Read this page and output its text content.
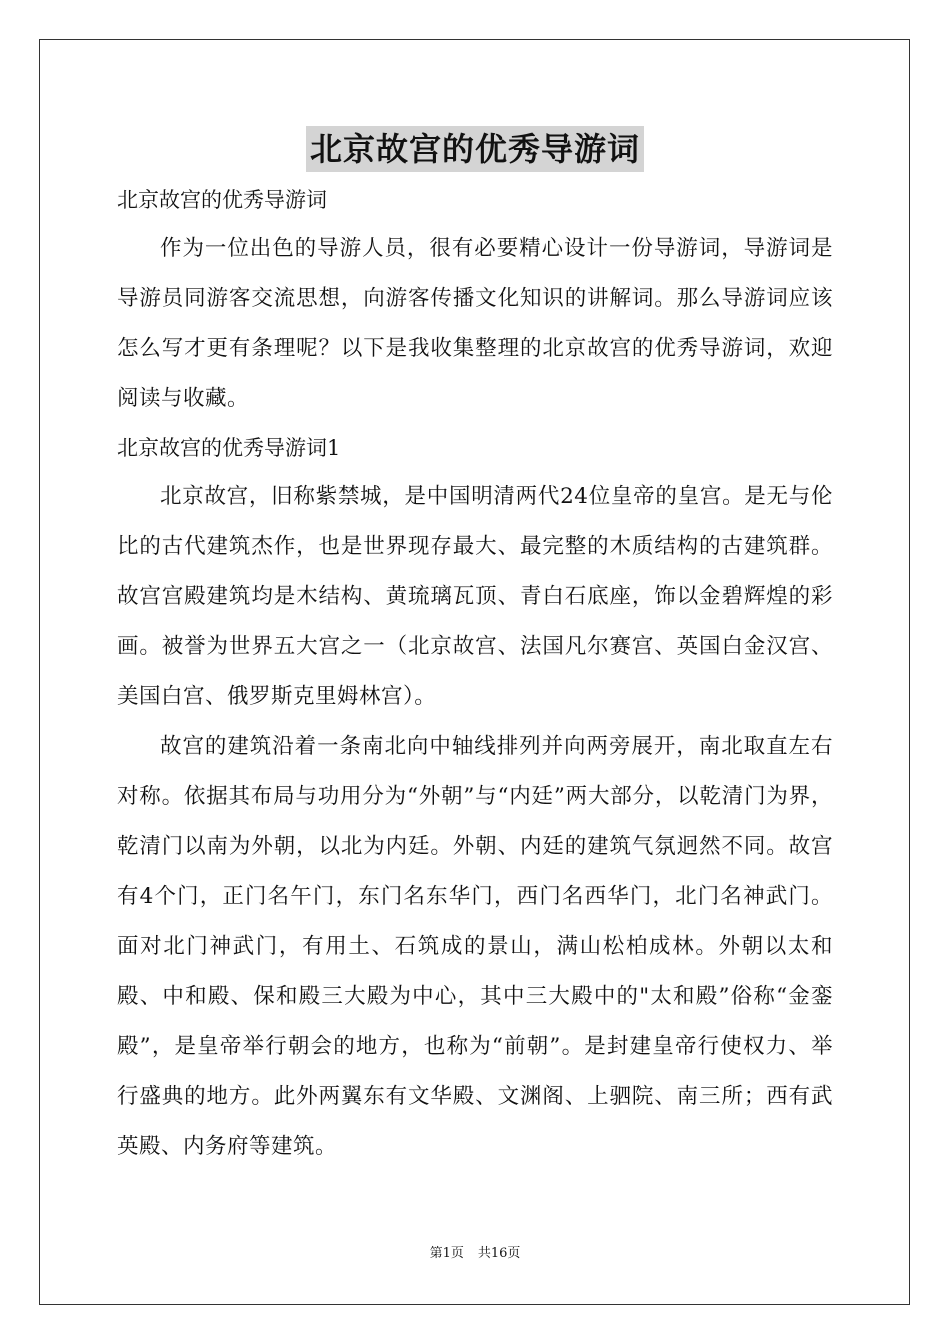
北京故宫的优秀导游词

北京故宫的优秀导游词

作为一位出色的导游人员，很有必要精心设计一份导游词，导游词是导游员同游客交流思想，向游客传播文化知识的讲解词。那么导游词应该怎么写才更有条理呢？以下是我收集整理的北京故宫的优秀导游词，欢迎阅读与收藏。

北京故宫的优秀导游词1

北京故宫，旧称紫禁城，是中国明清两代24位皇帝的皇宫。是无与伦比的古代建筑杰作，也是世界现存最大、最完整的木质结构的古建筑群。故宫宫殿建筑均是木结构、黄琉璃瓦顶、青白石底座，饰以金碧辉煌的彩画。被誉为世界五大宫之一（北京故宫、法国凡尔赛宫、英国白金汉宫、美国白宫、俄罗斯克里姆林宫）。

故宫的建筑沿着一条南北向中轴线排列并向两旁展开，南北取直左右对称。依据其布局与功用分为“外朝”与“内廷”两大部分，以乾清门为界，乾清门以南为外朝，以北为内廷。外朝、内廷的建筑气氛迥然不同。故宫有4个门，正门名午门，东门名东华门，西门名西华门，北门名神武门。面对北门神武门，有用土、石筑成的景山，满山松柏成林。外朝以太和殿、中和殿、保和殿三大殿为中心，其中三大殿中的"太和殿”俗称“金銮殿”，是皇帝举行朝会的地方，也称为“前朝”。是封建皇帝行使权力、举行盛典的地方。此外两翼东有文华殿、文渊阁、上驷院、南三所；西有武英殿、内务府等建筑。

第1页 共16页
